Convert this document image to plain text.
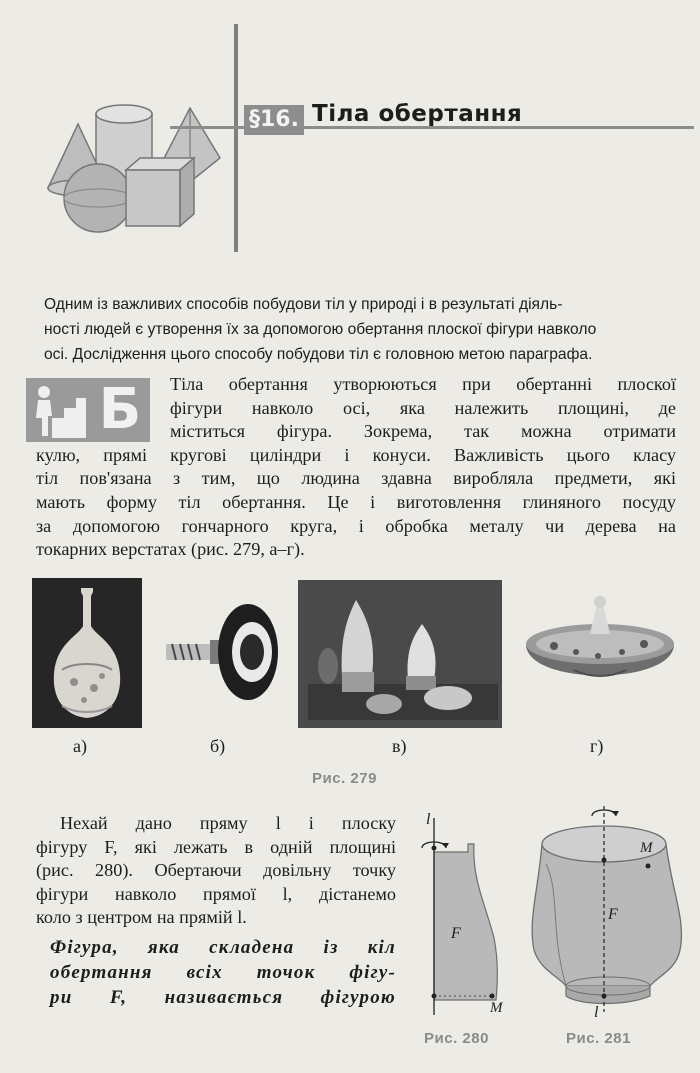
§16. Тіла обертання
Одним із важливих способів побудови тіл у природі і в результаті діяль-
ності людей є утворення їх за допомогою обертання плоскої фігури навколо
осі. Дослідження цього способу побудови тіл є головною метою параграфа.
Б	Тіла обертання утворюються при обертанні плоскої
фігури навколо осі, яка належить площині, де
міститься фігура. Зокрема, так можна отримати
кулю, прямі кругові циліндри і конуси. Важливість цього класу
тіл пов'язана з тим, що людина здавна виробляла предмети, які
мають форму тіл обертання. Це і виготовлення глиняного посуду
за допомогою гончарного круга, і обробка металу чи дерева на
токарних верстатах (рис. 279, а–г).
а)	б)	в)	г)
Рис. 279
Нехай дано пряму l і плоску
фігуру F, які лежать в одній площині
(рис. 280). Обертаючи довільну точку
фігури навколо прямої l, дістанемо
коло з центром на прямій l.
Фігура, яка складена із кіл
обертання всіх точок фігу-
ри F, називається фігурою
l
F
M
Рис. 280
M
F
l
Рис. 281
